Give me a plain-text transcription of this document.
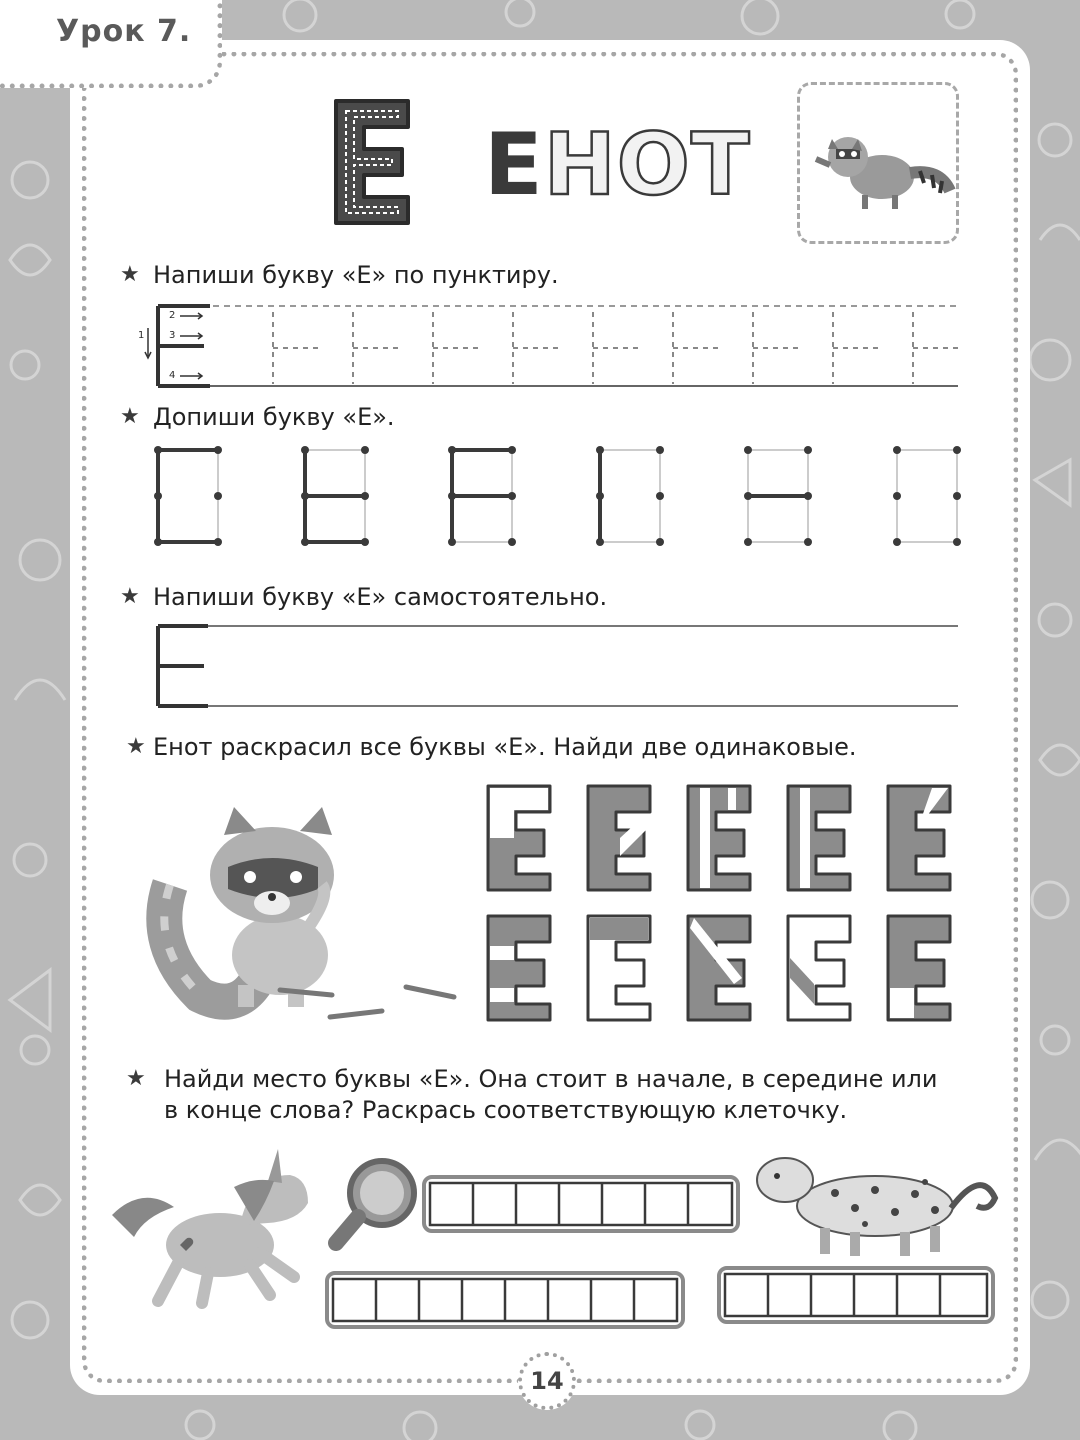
Урок 7.
ЕНОТ
★ Напиши букву «Е» по пунктиру.
1
2
3
4
★ Допиши букву «Е».
★ Напиши букву «Е» самостоятельно.
★ Енот раскрасил все буквы «Е». Найди две одинаковые.
★ Найди место буквы «Е». Она стоит в начале, в середине или
в конце слова? Раскрась соответствующую клеточку.
14
